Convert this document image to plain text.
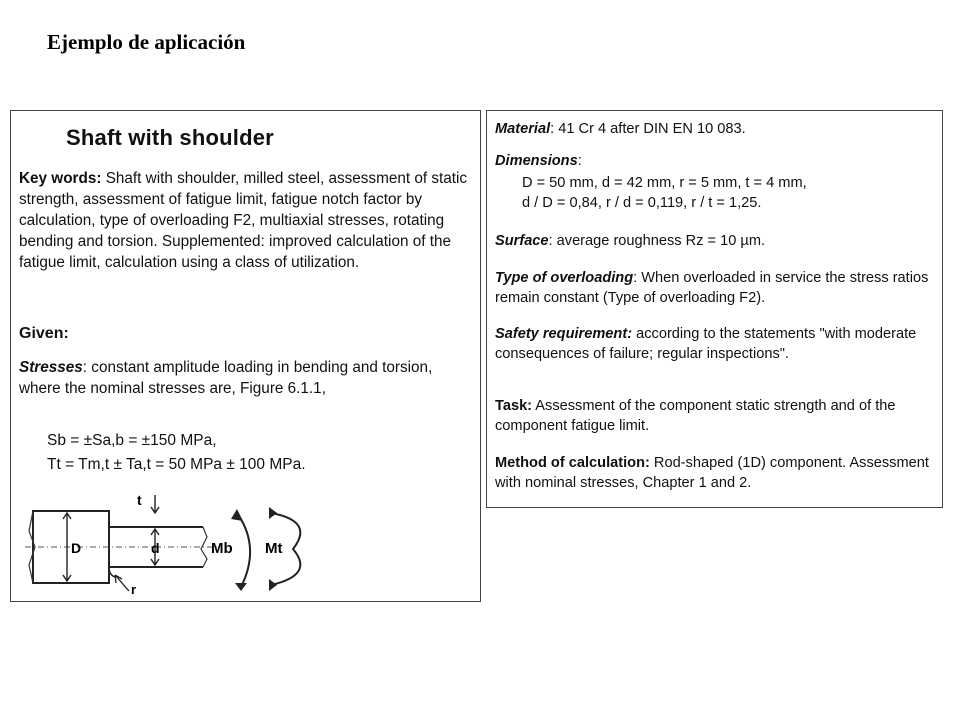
Ejemplo de aplicación
Shaft with shoulder

Key words: Shaft with shoulder, milled steel, assessment of static strength, assessment of fatigue limit, fatigue notch factor by calculation, type of overloading F2, multiaxial stresses, rotating bending and torsion. Supplemented: improved calculation of the fatigue limit, calculation using a class of utilization.

Given:

Stresses: constant amplitude loading in bending and torsion, where the nominal stresses are, Figure 6.1.1,

Sb = ±Sa,b = ±150 MPa,
Tt = Tm,t ± Ta,t = 50 MPa ± 100 MPa.
D	d
t
r
Mb Mt

Material: 41 Cr 4 after DIN EN 10 083.

Dimensions:

D = 50 mm, d = 42 mm, r = 5 mm, t = 4 mm,
d / D = 0,84, r / d = 0,119, r / t = 1,25.

Surface: average roughness Rz = 10 µm.

Type of overloading: When overloaded in service the stress ratios remain constant (Type of overloading F2).

Safety requirement: according to the statements "with moderate consequences of failure; regular inspections".

Task: Assessment of the component static strength and of the component fatigue limit.

Method of calculation: Rod-shaped (1D) component. Assessment with nominal stresses, Chapter 1 and 2.
